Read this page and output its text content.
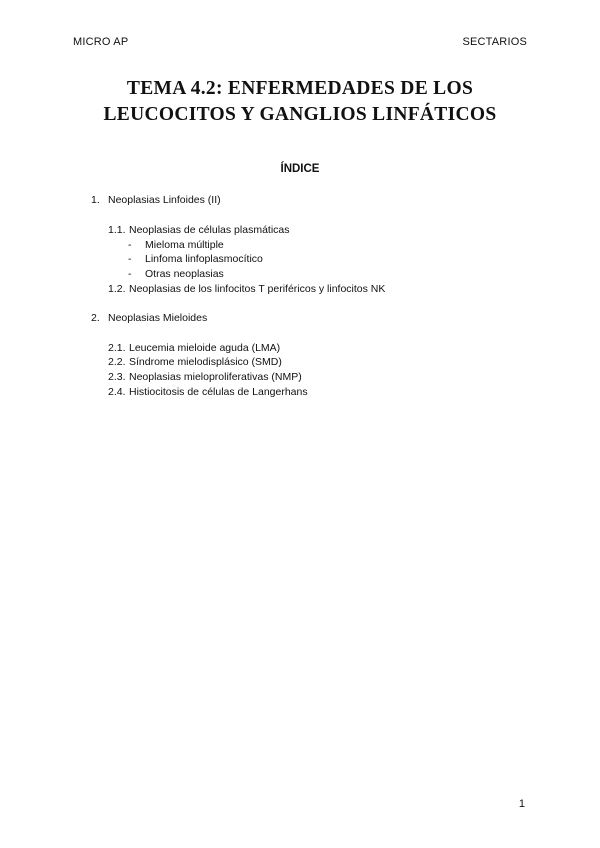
MICRO AP	SECTARIOS
TEMA 4.2: ENFERMEDADES DE LOS
LEUCOCITOS Y GANGLIOS LINFÁTICOS
ÍNDICE
1. Neoplasias Linfoides (II)
1.1. Neoplasias de células plasmáticas
- Mieloma múltiple
- Linfoma linfoplasmocítico
- Otras neoplasias
1.2. Neoplasias de los linfocitos T periféricos y linfocitos NK
2. Neoplasias Mieloides
2.1. Leucemia mieloide aguda (LMA)
2.2. Síndrome mielodisplásico (SMD)
2.3. Neoplasias mieloproliferativas (NMP)
2.4. Histiocitosis de células de Langerhans
1
